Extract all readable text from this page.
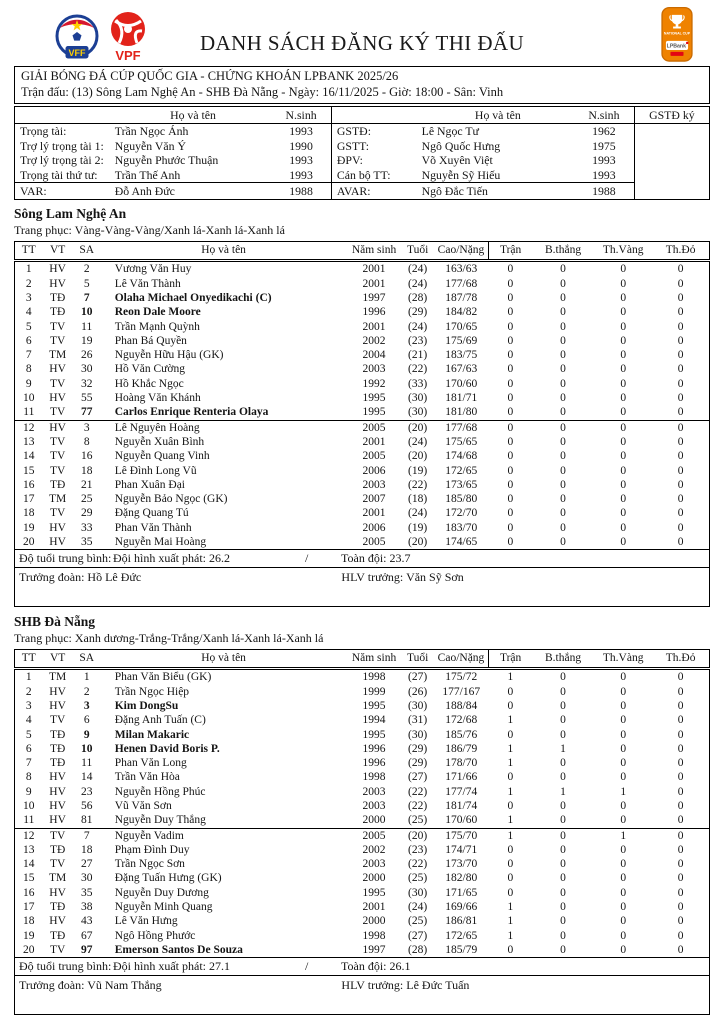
VFF VPF
DANH SÁCH ĐĂNG KÝ THI ĐẤU	NATIONAL CUP
LPBank
GIẢI BÓNG ĐÁ CÚP QUỐC GIA - CHỨNG KHOÁN LPBANK 2025/26
Trận đấu: (13) Sông Lam Nghệ An - SHB Đà Nẵng - Ngày: 16/11/2025 - Giờ: 18:00 - Sân: Vinh
	Họ và tên	N.sinh		Họ và tên	N.sinh	GSTĐ ký
Trọng tài:	Trần Ngọc Ánh	1993	GSTĐ:	Lê Ngọc Tư	1962	
Trợ lý trọng tài 1:	Nguyễn Văn Ý	1990	GSTT:	Ngô Quốc Hưng	1975	
Trợ lý trọng tài 2:	Nguyễn Phước Thuận	1993	ĐPV:	Võ Xuyên Việt	1993	
Trọng tài thứ tư:	Trần Thế Anh	1993	Cán bộ TT:	Nguyễn Sỹ Hiếu	1993	
VAR:	Đỗ Anh Đức	1988	AVAR:	Ngô Đắc Tiến	1988	
Sông Lam Nghệ An
Trang phục: Vàng-Vàng-Vàng/Xanh lá-Xanh lá-Xanh lá
TT	VT	SA	Họ và tên	Năm sinh	Tuổi	Cao/Nặng	Trận	B.thắng	Th.Vàng	Th.Đỏ
1	HV	2	Vương Văn Huy	2001	(24)	163/63	0	0	0	0
2	HV	5	Lê Văn Thành	2001	(24)	177/68	0	0	0	0
3	TĐ	7	Olaha Michael Onyedikachi (C)	1997	(28)	187/78	0	0	0	0
4	TĐ	10	Reon Dale Moore	1996	(29)	184/82	0	0	0	0
5	TV	11	Trần Mạnh Quỳnh	2001	(24)	170/65	0	0	0	0
6	TV	19	Phan Bá Quyền	2002	(23)	175/69	0	0	0	0
7	TM	26	Nguyễn Hữu Hậu (GK)	2004	(21)	183/75	0	0	0	0
8	HV	30	Hồ Văn Cường	2003	(22)	167/63	0	0	0	0
9	TV	32	Hồ Khắc Ngọc	1992	(33)	170/60	0	0	0	0
10	HV	55	Hoàng Văn Khánh	1995	(30)	181/71	0	0	0	0
11	TV	77	Carlos Enrique Renteria Olaya	1995	(30)	181/80	0	0	0	0
12	HV	3	Lê Nguyên Hoàng	2005	(20)	177/68	0	0	0	0
13	TV	8	Nguyễn Xuân Bình	2001	(24)	175/65	0	0	0	0
14	TV	16	Nguyễn Quang Vinh	2005	(20)	174/68	0	0	0	0
15	TV	18	Lê Đình Long Vũ	2006	(19)	172/65	0	0	0	0
16	TĐ	21	Phan Xuân Đại	2003	(22)	173/65	0	0	0	0
17	TM	25	Nguyễn Bảo Ngọc (GK)	2007	(18)	185/80	0	0	0	0
18	TV	29	Đặng Quang Tú	2001	(24)	172/70	0	0	0	0
19	HV	33	Phan Văn Thành	2006	(19)	183/70	0	0	0	0
20	HV	35	Nguyễn Mai Hoàng	2005	(20)	174/65	0	0	0	0
Độ tuổi trung bình: Đội hình xuất phát: 26.2	/	Toàn đội: 23.7
Trưởng đoàn: Hồ Lê Đức	HLV trưởng: Văn Sỹ Sơn
SHB Đà Nẵng
Trang phục: Xanh dương-Trắng-Trắng/Xanh lá-Xanh lá-Xanh lá
TT	VT	SA	Họ và tên	Năm sinh	Tuổi	Cao/Nặng	Trận	B.thắng	Th.Vàng	Th.Đỏ
1	TM	1	Phan Văn Biểu (GK)	1998	(27)	175/72	1	0	0	0
2	HV	2	Trần Ngọc Hiệp	1999	(26)	177/167	0	0	0	0
3	HV	3	Kim DongSu	1995	(30)	188/84	0	0	0	0
4	TV	6	Đặng Anh Tuấn (C)	1994	(31)	172/68	1	0	0	0
5	TĐ	9	Milan Makaric	1995	(30)	185/76	0	0	0	0
6	TĐ	10	Henen David Boris P.	1996	(29)	186/79	1	1	0	0
7	TĐ	11	Phan Văn Long	1996	(29)	178/70	1	0	0	0
8	HV	14	Trần Văn Hòa	1998	(27)	171/66	0	0	0	0
9	HV	23	Nguyễn Hồng Phúc	2003	(22)	177/74	1	1	1	0
10	HV	56	Vũ Văn Sơn	2003	(22)	181/74	0	0	0	0
11	HV	81	Nguyễn Duy Thắng	2000	(25)	170/60	1	0	0	0
12	TV	7	Nguyễn Vadim	2005	(20)	175/70	1	0	1	0
13	TĐ	18	Phạm Đình Duy	2002	(23)	174/71	0	0	0	0
14	TV	27	Trần Ngọc Sơn	2003	(22)	173/70	0	0	0	0
15	TM	30	Đặng Tuấn Hưng (GK)	2000	(25)	182/80	0	0	0	0
16	HV	35	Nguyễn Duy Dương	1995	(30)	171/65	0	0	0	0
17	TĐ	38	Nguyễn Minh Quang	2001	(24)	169/66	1	0	0	0
18	HV	43	Lê Văn Hưng	2000	(25)	186/81	1	0	0	0
19	TĐ	67	Ngô Hồng Phước	1998	(27)	172/65	1	0	0	0
20	TV	97	Emerson Santos De Souza	1997	(28)	185/79	0	0	0	0
Độ tuổi trung bình: Đội hình xuất phát: 27.1	/	Toàn đội: 26.1
Trưởng đoàn: Vũ Nam Thắng	HLV trưởng: Lê Đức Tuấn
